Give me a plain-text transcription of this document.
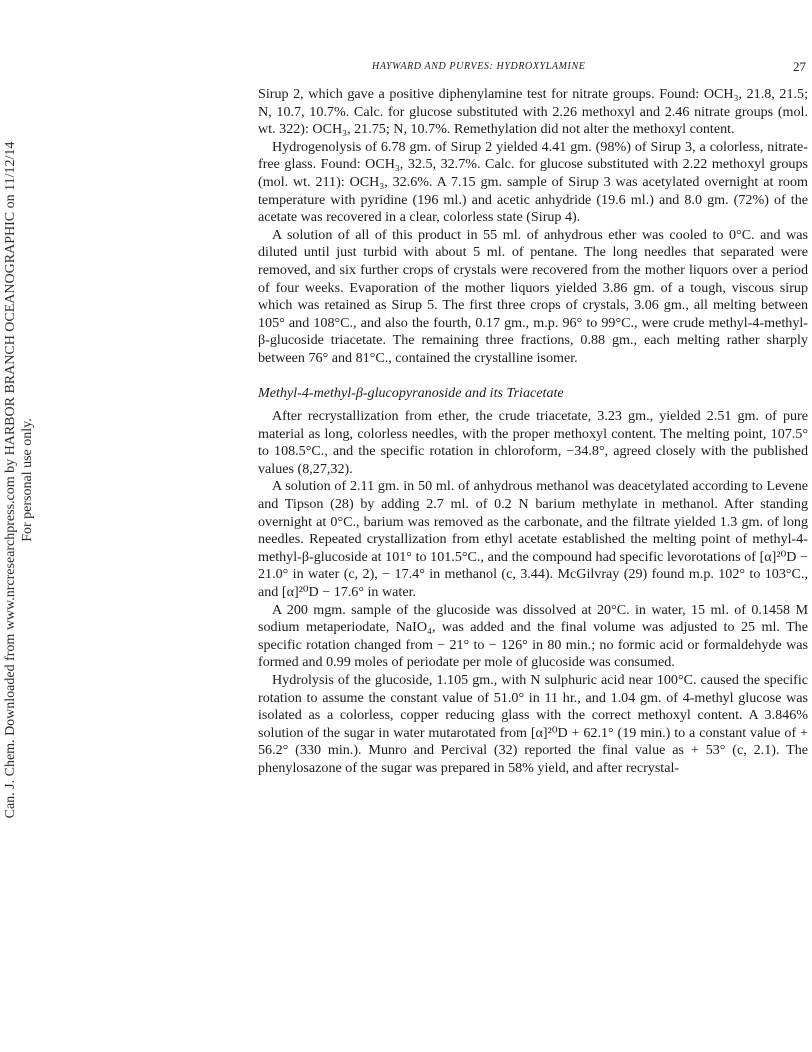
HAYWARD AND PURVES: HYDROXYLAMINE	27
Can. J. Chem. Downloaded from www.nrcresearchpress.com by HARBOR BRANCH OCEANOGRAPHIC on 11/12/14 For personal use only.

Sirup 2, which gave a positive diphenylamine test for nitrate groups. Found: OCH₃, 21.8, 21.5; N, 10.7, 10.7%. Calc. for glucose substituted with 2.26 methoxyl and 2.46 nitrate groups (mol. wt. 322): OCH₃, 21.75; N, 10.7%. Remethylation did not alter the methoxyl content.

Hydrogenolysis of 6.78 gm. of Sirup 2 yielded 4.41 gm. (98%) of Sirup 3, a colorless, nitrate-free glass. Found: OCH₃, 32.5, 32.7%. Calc. for glucose substituted with 2.22 methoxyl groups (mol. wt. 211): OCH₃, 32.6%. A 7.15 gm. sample of Sirup 3 was acetylated overnight at room temperature with pyridine (196 ml.) and acetic anhydride (19.6 ml.) and 8.0 gm. (72%) of the acetate was recovered in a clear, colorless state (Sirup 4).

A solution of all of this product in 55 ml. of anhydrous ether was cooled to 0°C. and was diluted until just turbid with about 5 ml. of pentane. The long needles that separated were removed, and six further crops of crystals were recovered from the mother liquors over a period of four weeks. Evaporation of the mother liquors yielded 3.86 gm. of a tough, viscous sirup which was retained as Sirup 5. The first three crops of crystals, 3.06 gm., all melting between 105° and 108°C., and also the fourth, 0.17 gm., m.p. 96° to 99°C., were crude methyl-4-methyl-β-glucoside triacetate. The remaining three fractions, 0.88 gm., each melting rather sharply between 76° and 81°C., contained the crystalline isomer.

Methyl-4-methyl-β-glucopyranoside and its Triacetate

After recrystallization from ether, the crude triacetate, 3.23 gm., yielded 2.51 gm. of pure material as long, colorless needles, with the proper methoxyl content. The melting point, 107.5° to 108.5°C., and the specific rotation in chloroform, −34.8°, agreed closely with the published values (8,27,32).

A solution of 2.11 gm. in 50 ml. of anhydrous methanol was deacetylated according to Levene and Tipson (28) by adding 2.7 ml. of 0.2 N barium methylate in methanol. After standing overnight at 0°C., barium was removed as the carbonate, and the filtrate yielded 1.3 gm. of long needles. Repeated crystallization from ethyl acetate established the melting point of methyl-4-methyl-β-glucoside at 101° to 101.5°C., and the compound had specific levorotations of [α]²⁰D − 21.0° in water (c, 2), − 17.4° in methanol (c, 3.44). McGilvray (29) found m.p. 102° to 103°C., and [α]²⁰D − 17.6° in water.

A 200 mgm. sample of the glucoside was dissolved at 20°C. in water, 15 ml. of 0.1458 M sodium metaperiodate, NaIO₄, was added and the final volume was adjusted to 25 ml. The specific rotation changed from − 21° to − 126° in 80 min.; no formic acid or formaldehyde was formed and 0.99 moles of periodate per mole of glucoside was consumed.

Hydrolysis of the glucoside, 1.105 gm., with N sulphuric acid near 100°C. caused the specific rotation to assume the constant value of 51.0° in 11 hr., and 1.04 gm. of 4-methyl glucose was isolated as a colorless, copper reducing glass with the correct methoxyl content. A 3.846% solution of the sugar in water mutarotated from [α]²⁰D + 62.1° (19 min.) to a constant value of + 56.2° (330 min.). Munro and Percival (32) reported the final value as + 53° (c, 2.1). The phenylosazone of the sugar was prepared in 58% yield, and after recrystal-
